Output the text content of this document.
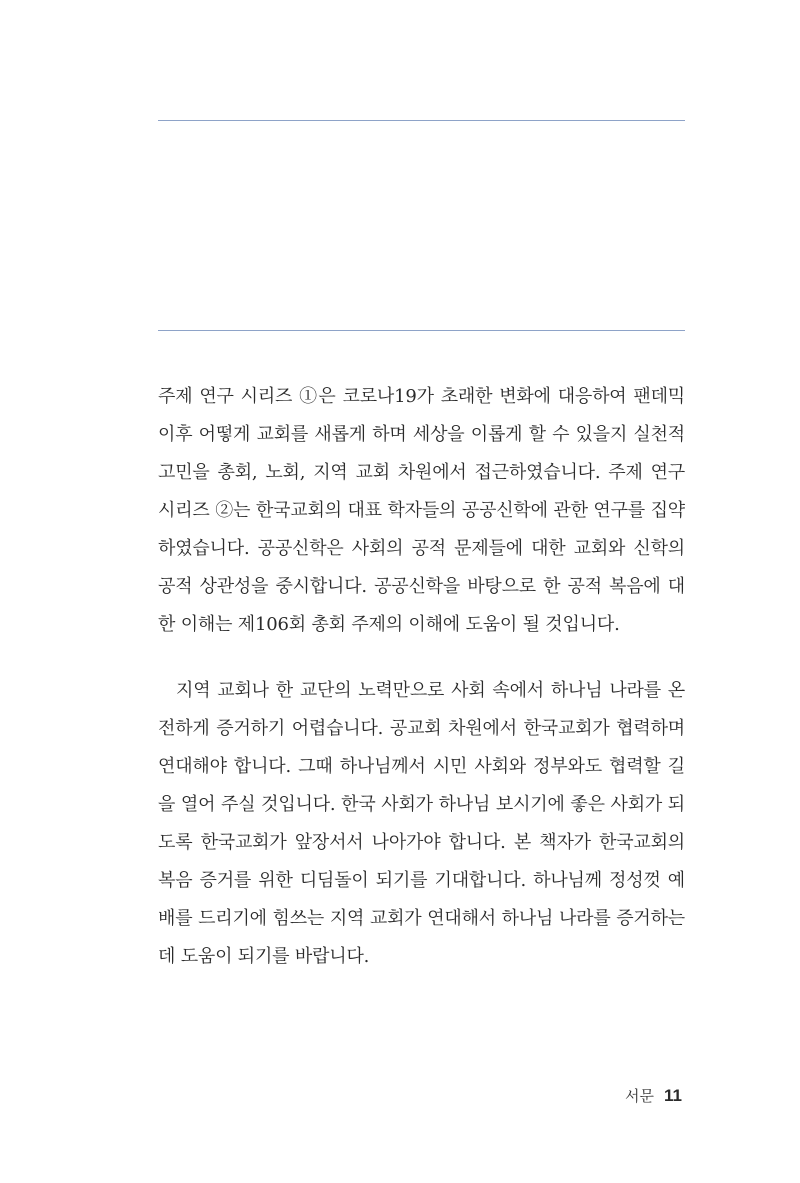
주제 연구 시리즈 ①은 코로나19가 초래한 변화에 대응하여 팬데믹 이후 어떻게 교회를 새롭게 하며 세상을 이롭게 할 수 있을지 실천적 고민을 총회, 노회, 지역 교회 차원에서 접근하였습니다. 주제 연구 시리즈 ②는 한국교회의 대표 학자들의 공공신학에 관한 연구를 집약하였습니다. 공공신학은 사회의 공적 문제들에 대한 교회와 신학의 공적 상관성을 중시합니다. 공공신학을 바탕으로 한 공적 복음에 대한 이해는 제106회 총회 주제의 이해에 도움이 될 것입니다.

지역 교회나 한 교단의 노력만으로 사회 속에서 하나님 나라를 온전하게 증거하기 어렵습니다. 공교회 차원에서 한국교회가 협력하며 연대해야 합니다. 그때 하나님께서 시민 사회와 정부와도 협력할 길을 열어 주실 것입니다. 한국 사회가 하나님 보시기에 좋은 사회가 되도록 한국교회가 앞장서서 나아가야 합니다. 본 책자가 한국교회의 복음 증거를 위한 디딤돌이 되기를 기대합니다. 하나님께 정성껏 예배를 드리기에 힘쓰는 지역 교회가 연대해서 하나님 나라를 증거하는데 도움이 되기를 바랍니다.

서문 11
